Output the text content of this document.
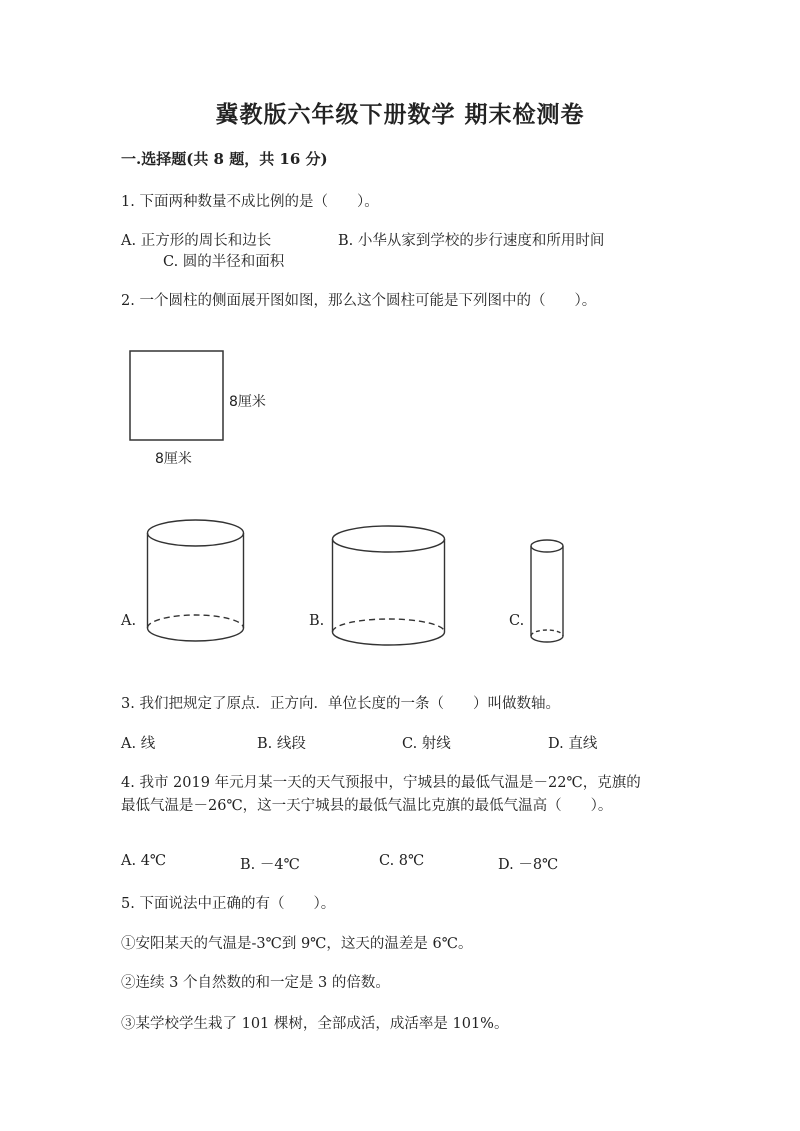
冀教版六年级下册数学 期末检测卷
一.选择题(共 8 题，共 16 分)
1. 下面两种数量不成比例的是（　　）。
A. 正方形的周长和边长	B. 小华从家到学校的步行速度和所用时间
C. 圆的半径和面积
2. 一个圆柱的侧面展开图如图，那么这个圆柱可能是下列图中的（　　）。
8厘米
8厘米
A.	B.	C.
3. 我们把规定了原点．正方向．单位长度的一条（　　）叫做数轴。
A. 线	B. 线段	C. 射线	D. 直线
4. 我市 2019 年元月某一天的天气预报中，宁城县的最低气温是－22℃，克旗的
最低气温是－26℃，这一天宁城县的最低气温比克旗的最低气温高（　　）。
A. 4℃	B. －4℃	C. 8℃	D. －8℃
5. 下面说法中正确的有（　　）。
①安阳某天的气温是-3℃到 9℃，这天的温差是 6℃。
②连续 3 个自然数的和一定是 3 的倍数。
③某学校学生栽了 101 棵树，全部成活，成活率是 101%。
